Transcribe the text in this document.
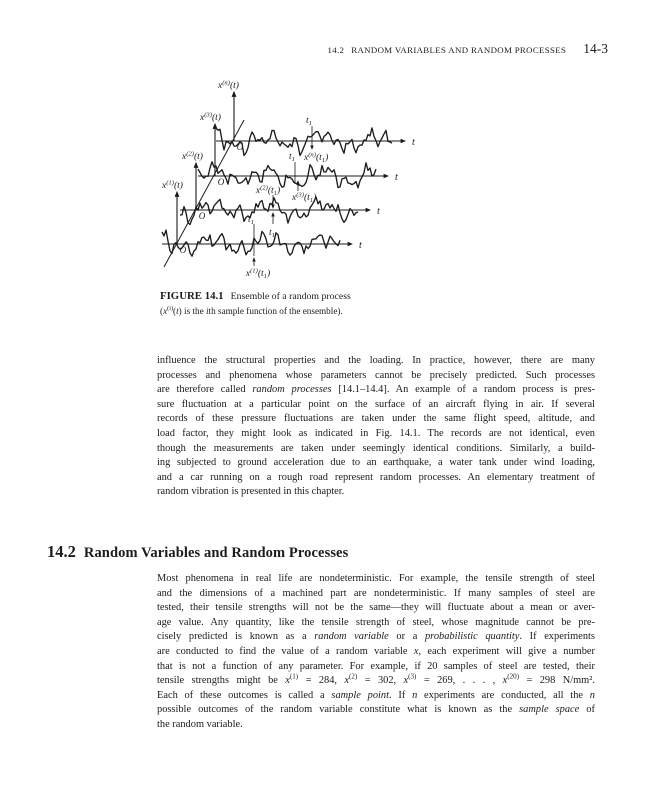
14.2 RANDOM VARIABLES AND RANDOM PROCESSES 14-3
$x^{(1)}(t)$
O	t
$t_1$
$x^{(1)}(t_1)$
$x^{(2)}(t)$
O	t
$t_1$
$x^{(2)}(t_1)$
$x^{(3)}(t)$
O	t
$t_1$
$x^{(3)}(t_1)$
$x^{(n)}(t)$
O	t
$t_1$
$x^{(n)}(t_1)$
FIGURE 14.1 Ensemble of a random process
($x^{(i)}(t)$ is the ith sample function of the ensemble).
influence the structural properties and the loading. In practice, however, there are many
processes and phenomena whose parameters cannot be precisely predicted. Such processes
are therefore called random processes [14.1–14.4]. An example of a random process is pres-
sure fluctuation at a particular point on the surface of an aircraft flying in air. If several
records of these pressure fluctuations are taken under the same flight speed, altitude, and
load factor, they might look as indicated in Fig. 14.1. The records are not identical, even
though the measurements are taken under seemingly identical conditions. Similarly, a build-
ing subjected to ground acceleration due to an earthquake, a water tank under wind loading,
and a car running on a rough road represent random processes. An elementary treatment of
random vibration is presented in this chapter.
14.2 Random Variables and Random Processes
Most phenomena in real life are nondeterministic. For example, the tensile strength of steel
and the dimensions of a machined part are nondeterministic. If many samples of steel are
tested, their tensile strengths will not be the same—they will fluctuate about a mean or aver-
age value. Any quantity, like the tensile strength of steel, whose magnitude cannot be pre-
cisely predicted is known as a random variable or a probabilistic quantity. If experiments
are conducted to find the value of a random variable x, each experiment will give a number
that is not a function of any parameter. For example, if 20 samples of steel are tested, their
tensile strengths might be $x^{(1)} = 284$, $x^{(2)} = 302$, $x^{(3)} = 269$, . . . , $x^{(20)} = 298$ N/mm².
Each of these outcomes is called a sample point. If n experiments are conducted, all the n
possible outcomes of the random variable constitute what is known as the sample space of
the random variable.
